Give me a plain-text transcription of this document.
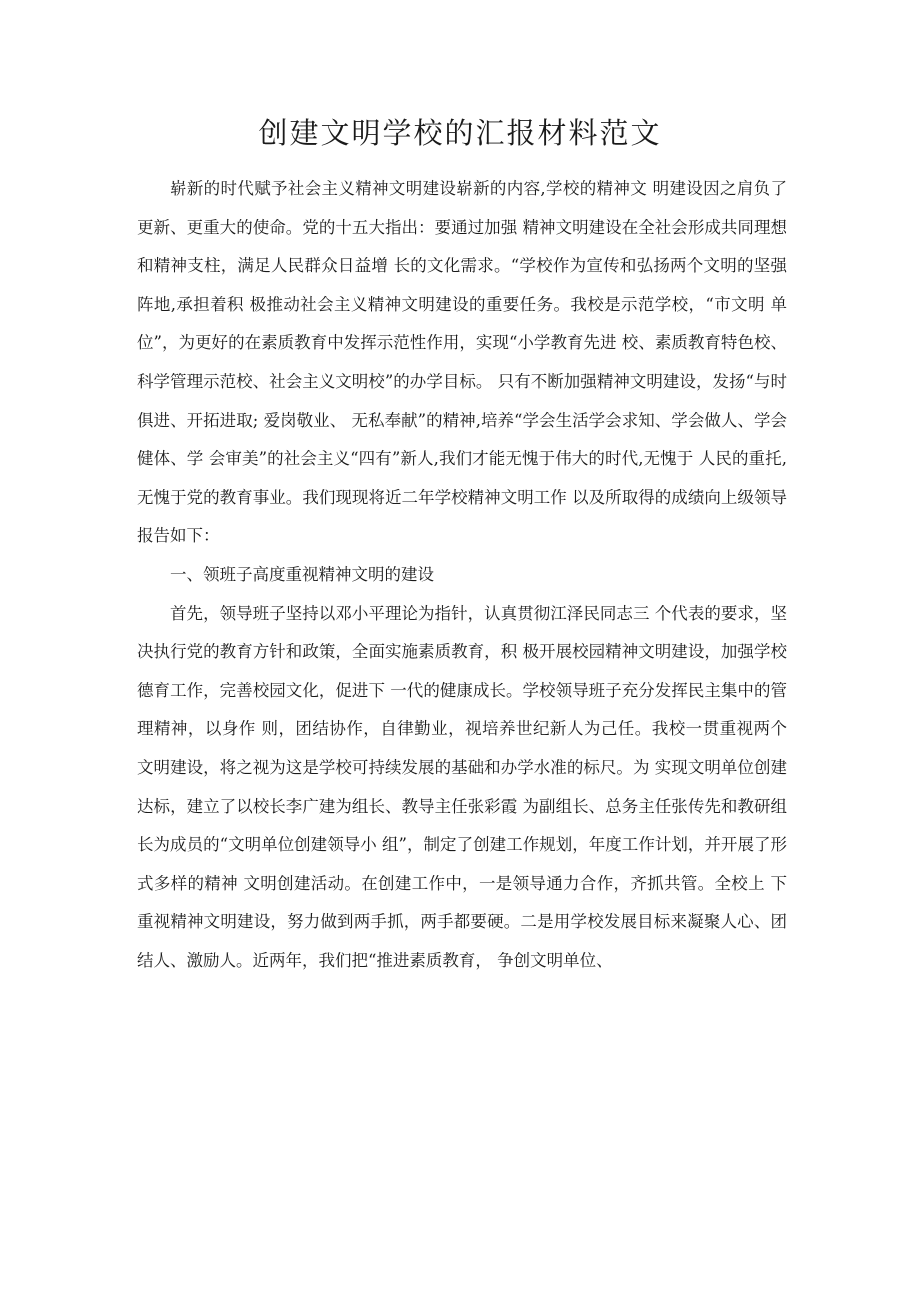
创建文明学校的汇报材料范文

崭新的时代赋予社会主义精神文明建设崭新的内容,学校的精神文 明建设因之肩负了更新、更重大的使命。党的十五大指出：要通过加强 精神文明建设在全社会形成共同理想和精神支柱，满足人民群众日益增 长的文化需求。“学校作为宣传和弘扬两个文明的坚强阵地,承担着积 极推动社会主义精神文明建设的重要任务。我校是示范学校，“市文明 单位”，为更好的在素质教育中发挥示范性作用，实现“小学教育先进 校、素质教育特色校、科学管理示范校、社会主义文明校”的办学目标。 只有不断加强精神文明建设，发扬“与时俱进、开拓进取; 爱岗敬业、 无私奉献”的精神,培养“学会生活学会求知、学会做人、学会健体、学 会审美”的社会主义“四有”新人,我们才能无愧于伟大的时代,无愧于 人民的重托,无愧于党的教育事业。我们现现将近二年学校精神文明工作 以及所取得的成绩向上级领导报告如下：

一、领班子高度重视精神文明的建设

首先，领导班子坚持以邓小平理论为指针，认真贯彻江泽民同志三 个代表的要求，坚决执行党的教育方针和政策，全面实施素质教育，积 极开展校园精神文明建设，加强学校德育工作，完善校园文化，促进下 一代的健康成长。学校领导班子充分发挥民主集中的管理精神，以身作 则，团结协作，自律勤业，视培养世纪新人为己任。我校一贯重视两个 文明建设，将之视为这是学校可持续发展的基础和办学水准的标尺。为 实现文明单位创建达标，建立了以校长李广建为组长、教导主任张彩霞 为副组长、总务主任张传先和教研组长为成员的“文明单位创建领导小 组”，制定了创建工作规划，年度工作计划，并开展了形式多样的精神 文明创建活动。在创建工作中，一是领导通力合作，齐抓共管。全校上 下重视精神文明建设，努力做到两手抓，两手都要硬。二是用学校发展目标来凝聚人心、团结人、激励人。近两年，我们把“推进素质教育， 争创文明单位、
